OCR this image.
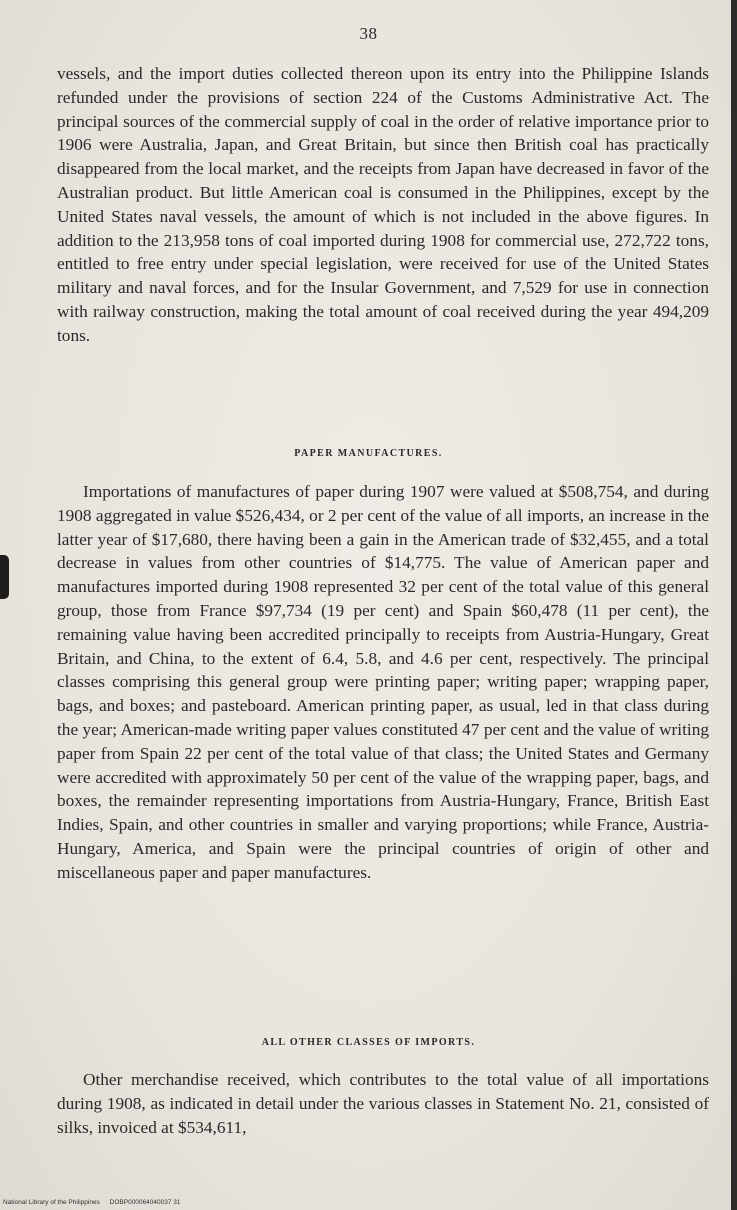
38

vessels, and the import duties collected thereon upon its entry into the Philippine Islands refunded under the provisions of section 224 of the Customs Administrative Act. The principal sources of the commercial supply of coal in the order of relative importance prior to 1906 were Australia, Japan, and Great Britain, but since then British coal has practically disappeared from the local market, and the receipts from Japan have decreased in favor of the Australian product. But little American coal is consumed in the Philippines, except by the United States naval vessels, the amount of which is not included in the above figures. In addition to the 213,958 tons of coal imported during 1908 for commercial use, 272,722 tons, entitled to free entry under special legislation, were received for use of the United States military and naval forces, and for the Insular Government, and 7,529 for use in connection with railway construction, making the total amount of coal received during the year 494,209 tons.

PAPER MANUFACTURES.

Importations of manufactures of paper during 1907 were valued at $508,754, and during 1908 aggregated in value $526,434, or 2 per cent of the value of all imports, an increase in the latter year of $17,680, there having been a gain in the American trade of $32,455, and a total decrease in values from other countries of $14,775. The value of American paper and manufactures imported during 1908 represented 32 per cent of the total value of this general group, those from France $97,734 (19 per cent) and Spain $60,478 (11 per cent), the remaining value having been accredited principally to receipts from Austria-Hungary, Great Britain, and China, to the extent of 6.4, 5.8, and 4.6 per cent, respectively. The principal classes comprising this general group were printing paper; writing paper; wrapping paper, bags, and boxes; and pasteboard. American printing paper, as usual, led in that class during the year; American-made writing paper values constituted 47 per cent and the value of writing paper from Spain 22 per cent of the total value of that class; the United States and Germany were accredited with approximately 50 per cent of the value of the wrapping paper, bags, and boxes, the remainder representing importations from Austria-Hungary, France, British East Indies, Spain, and other countries in smaller and varying proportions; while France, Austria-Hungary, America, and Spain were the principal countries of origin of other and miscellaneous paper and paper manufactures.

ALL OTHER CLASSES OF IMPORTS.

Other merchandise received, which contributes to the total value of all importations during 1908, as indicated in detail under the various classes in Statement No. 21, consisted of silks, invoiced at $534,611,

National Library of the Philippines DOBP000064040037 31
